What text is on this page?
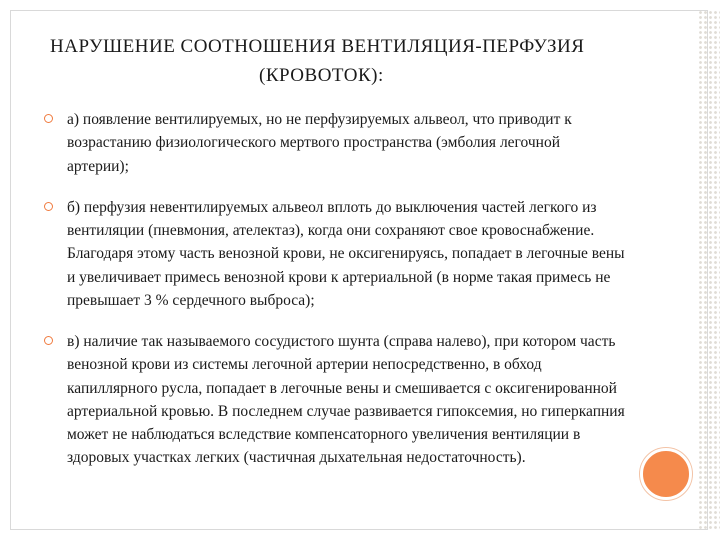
НАРУШЕНИЕ СООТНОШЕНИЯ ВЕНТИЛЯЦИЯ-ПЕРФУЗИЯ
(КРОВОТОК):
а) появление вентилируемых, но не перфузируемых альвеол, что приводит к возрастанию физиологического мертвого пространства (эмболия легочной артерии);
б) перфузия невентилируемых альвеол вплоть до выключения частей легкого из вентиляции (пневмония, ателектаз), когда они сохраняют свое кровоснабжение. Благодаря этому часть венозной крови, не оксигенируясь, попадает в легочные вены и увеличивает примесь венозной крови к артериальной (в норме такая примесь не превышает 3 % сердечного выброса);
в) наличие так называемого сосудистого шунта (справа налево), при котором часть венозной крови из системы легочной артерии непосредственно, в обход капиллярного русла, попадает в легочные вены и смешивается с оксигенированной артериальной кровью. В последнем случае развивается гипоксемия, но гиперкапния может не наблюдаться вследствие компенсаторного увеличения вентиляции в здоровых участках легких (частичная дыхательная недостаточность).
